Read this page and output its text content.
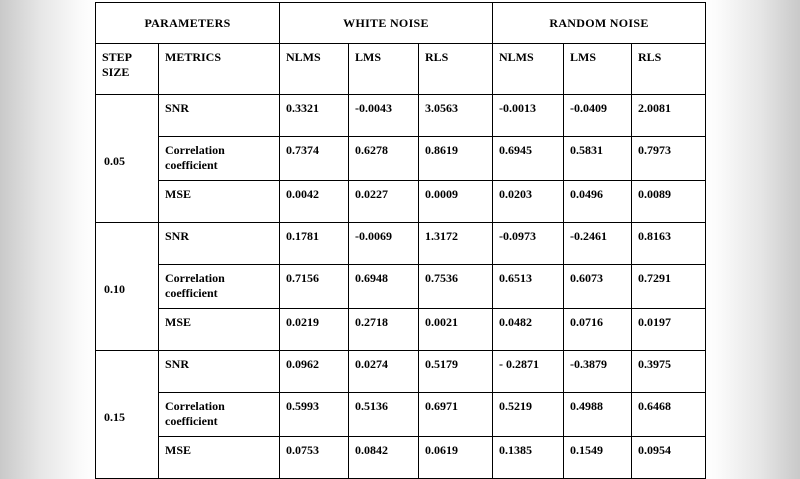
PARAMETERS		WHITE NOISE			RANDOM NOISE		
STEP SIZE	METRICS	NLMS	LMS	RLS	NLMS	LMS	RLS
0.05	SNR	0.3321	-0.0043	3.0563	-0.0013	-0.0409	2.0081
	Correlation coefficient	0.7374	0.6278	0.8619	0.6945	0.5831	0.7973
	MSE	0.0042	0.0227	0.0009	0.0203	0.0496	0.0089
0.10	SNR	0.1781	-0.0069	1.3172	-0.0973	-0.2461	0.8163
	Correlation coefficient	0.7156	0.6948	0.7536	0.6513	0.6073	0.7291
	MSE	0.0219	0.2718	0.0021	0.0482	0.0716	0.0197
0.15	SNR	0.0962	0.0274	0.5179	- 0.2871	-0.3879	0.3975
	Correlation coefficient	0.5993	0.5136	0.6971	0.5219	0.4988	0.6468
	MSE	0.0753	0.0842	0.0619	0.1385	0.1549	0.0954
